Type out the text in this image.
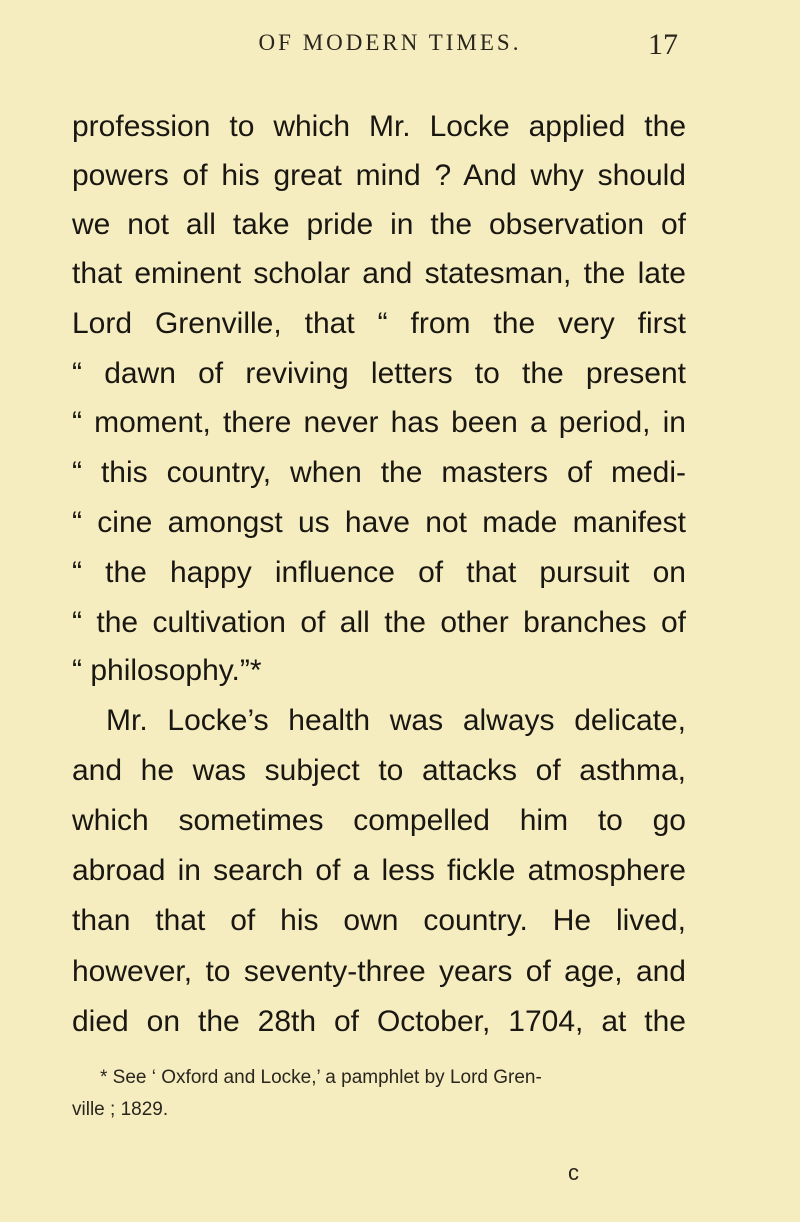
OF MODERN TIMES.	17
profession to which Mr. Locke applied the
powers of his great mind ? And why should
we not all take pride in the observation of
that eminent scholar and statesman, the late
Lord Grenville, that “ from the very first
“ dawn of reviving letters to the present
“ moment, there never has been a period, in
“ this country, when the masters of medi-
“ cine amongst us have not made manifest
“ the happy influence of that pursuit on
“ the cultivation of all the other branches of
“ philosophy.”*
Mr. Locke’s health was always delicate,
and he was subject to attacks of asthma,
which sometimes compelled him to go
abroad in search of a less fickle atmosphere
than that of his own country. He lived,
however, to seventy-three years of age, and
died on the 28th of October, 1704, at the
* See ‘ Oxford and Locke,’ a pamphlet by Lord Gren-
ville ; 1829.
c
